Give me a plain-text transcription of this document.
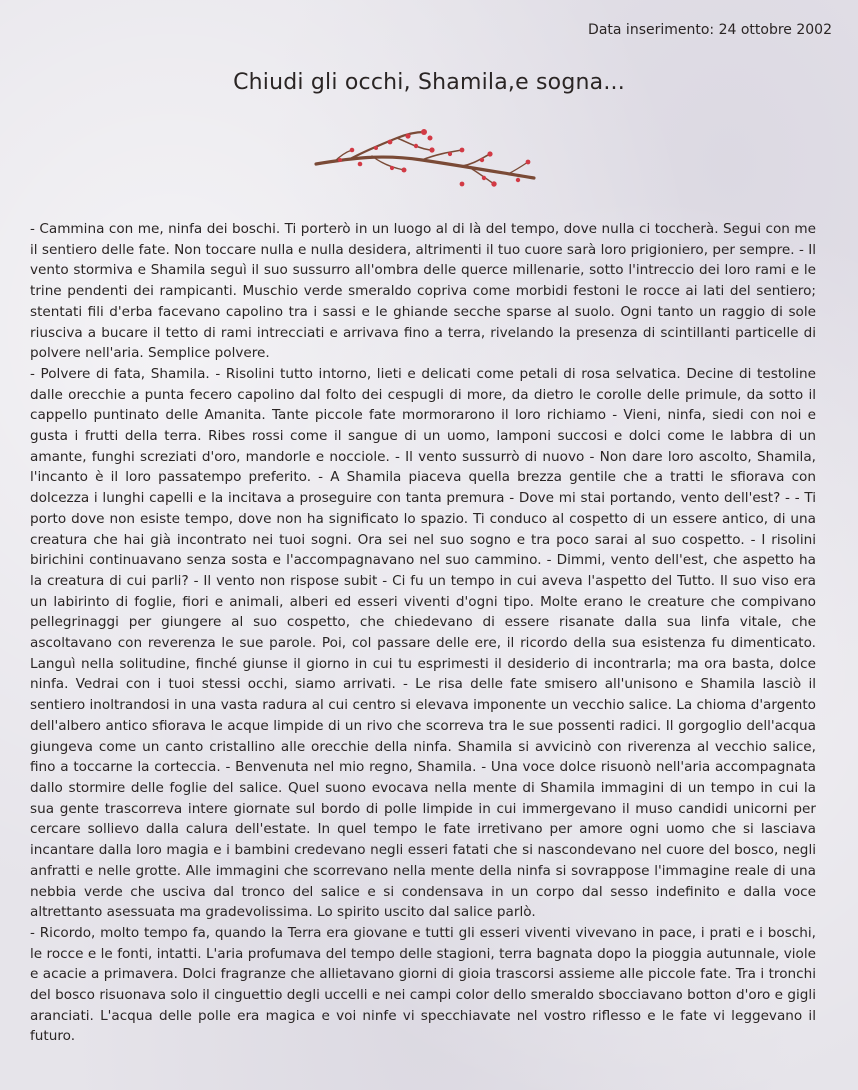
Data inserimento: 24 ottobre 2002
Chiudi gli occhi, Shamila,e sogna...

- Cammina con me, ninfa dei boschi. Ti porterò in un luogo al di là del tempo, dove nulla ci toccherà. Segui con me il sentiero delle fate. Non toccare nulla e nulla desidera, altrimenti il tuo cuore sarà loro prigioniero, per sempre. - Il vento stormiva e Shamila seguì il suo sussurro all'ombra delle querce millenarie, sotto l'intreccio dei loro rami e le trine pendenti dei rampicanti. Muschio verde smeraldo copriva come morbidi festoni le rocce ai lati del sentiero; stentati fili d'erba facevano capolino tra i sassi e le ghiande secche sparse al suolo. Ogni tanto un raggio di sole riusciva a bucare il tetto di rami intrecciati e arrivava fino a terra, rivelando la presenza di scintillanti particelle di polvere nell'aria. Semplice polvere.

- Polvere di fata, Shamila. - Risolini tutto intorno, lieti e delicati come petali di rosa selvatica. Decine di testoline dalle orecchie a punta fecero capolino dal folto dei cespugli di more, da dietro le corolle delle primule, da sotto il cappello puntinato delle Amanita. Tante piccole fate mormorarono il loro richiamo - Vieni, ninfa, siedi con noi e gusta i frutti della terra. Ribes rossi come il sangue di un uomo, lamponi succosi e dolci come le labbra di un amante, funghi screziati d'oro, mandorle e nocciole. - Il vento sussurrò di nuovo - Non dare loro ascolto, Shamila, l'incanto è il loro passatempo preferito. - A Shamila piaceva quella brezza gentile che a tratti le sfiorava con dolcezza i lunghi capelli e la incitava a proseguire con tanta premura - Dove mi stai portando, vento dell'est? - - Ti porto dove non esiste tempo, dove non ha significato lo spazio. Ti conduco al cospetto di un essere antico, di una creatura che hai già incontrato nei tuoi sogni. Ora sei nel suo sogno e tra poco sarai al suo cospetto. - I risolini birichini continuavano senza sosta e l'accompagnavano nel suo cammino. - Dimmi, vento dell'est, che aspetto ha la creatura di cui parli? - Il vento non rispose subit - Ci fu un tempo in cui aveva l'aspetto del Tutto. Il suo viso era un labirinto di foglie, fiori e animali, alberi ed esseri viventi d'ogni tipo. Molte erano le creature che compivano pellegrinaggi per giungere al suo cospetto, che chiedevano di essere risanate dalla sua linfa vitale, che ascoltavano con reverenza le sue parole. Poi, col passare delle ere, il ricordo della sua esistenza fu dimenticato. Languì nella solitudine, finché giunse il giorno in cui tu esprimesti il desiderio di incontrarla; ma ora basta, dolce ninfa. Vedrai con i tuoi stessi occhi, siamo arrivati. - Le risa delle fate smisero all'unisono e Shamila lasciò il sentiero inoltrandosi in una vasta radura al cui centro si elevava imponente un vecchio salice. La chioma d'argento dell'albero antico sfiorava le acque limpide di un rivo che scorreva tra le sue possenti radici. Il gorgoglio dell'acqua giungeva come un canto cristallino alle orecchie della ninfa. Shamila si avvicinò con riverenza al vecchio salice, fino a toccarne la corteccia. - Benvenuta nel mio regno, Shamila. - Una voce dolce risuonò nell'aria accompagnata dallo stormire delle foglie del salice. Quel suono evocava nella mente di Shamila immagini di un tempo in cui la sua gente trascorreva intere giornate sul bordo di polle limpide in cui immergevano il muso candidi unicorni per cercare sollievo dalla calura dell'estate. In quel tempo le fate irretivano per amore ogni uomo che si lasciava incantare dalla loro magia e i bambini credevano negli esseri fatati che si nascondevano nel cuore del bosco, negli anfratti e nelle grotte. Alle immagini che scorrevano nella mente della ninfa si sovrappose l'immagine reale di una nebbia verde che usciva dal tronco del salice e si condensava in un corpo dal sesso indefinito e dalla voce altrettanto asessuata ma gradevolissima. Lo spirito uscito dal salice parlò.

- Ricordo, molto tempo fa, quando la Terra era giovane e tutti gli esseri viventi vivevano in pace, i prati e i boschi, le rocce e le fonti, intatti. L'aria profumava del tempo delle stagioni, terra bagnata dopo la pioggia autunnale, viole e acacie a primavera. Dolci fragranze che allietavano giorni di gioia trascorsi assieme alle piccole fate. Tra i tronchi del bosco risuonava solo il cinguettio degli uccelli e nei campi color dello smeraldo sbocciavano botton d'oro e gigli aranciati. L'acqua delle polle era magica e voi ninfe vi specchiavate nel vostro riflesso e le fate vi leggevano il futuro.
